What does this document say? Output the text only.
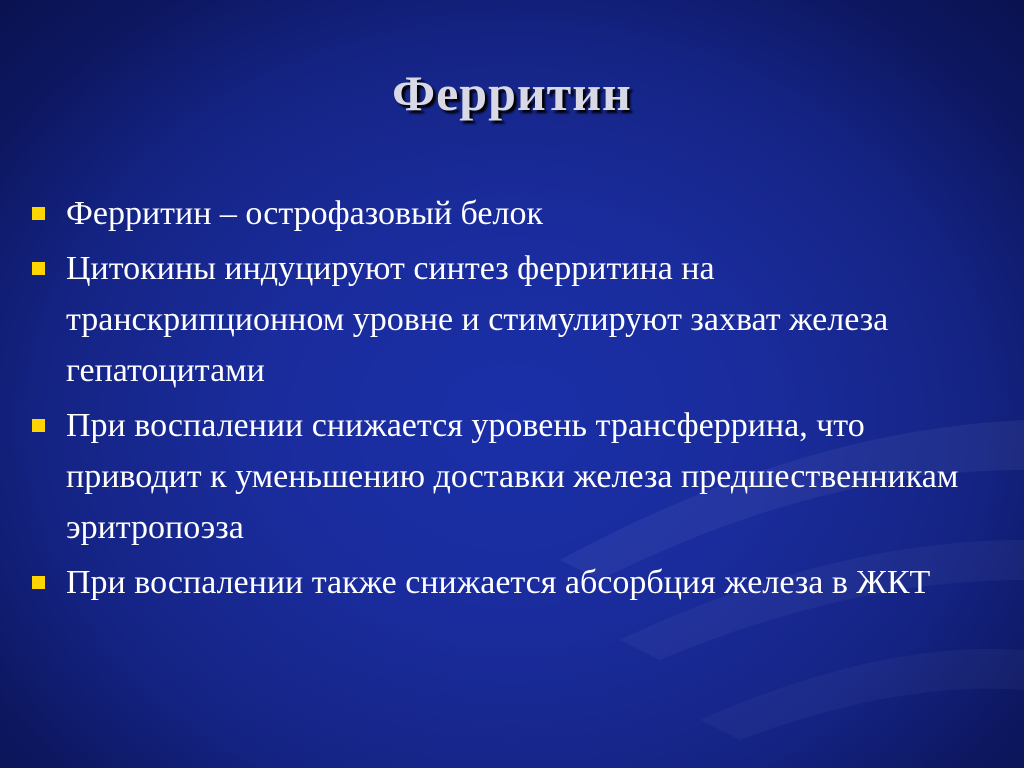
Ферритин
Ферритин – острофазовый белок
Цитокины индуцируют синтез ферритина на транскрипционном уровне и стимулируют захват железа гепатоцитами
При воспалении снижается уровень трансферрина, что приводит к уменьшению доставки железа предшественникам эритропоэза
При воспалении также снижается абсорбция железа в ЖКТ
